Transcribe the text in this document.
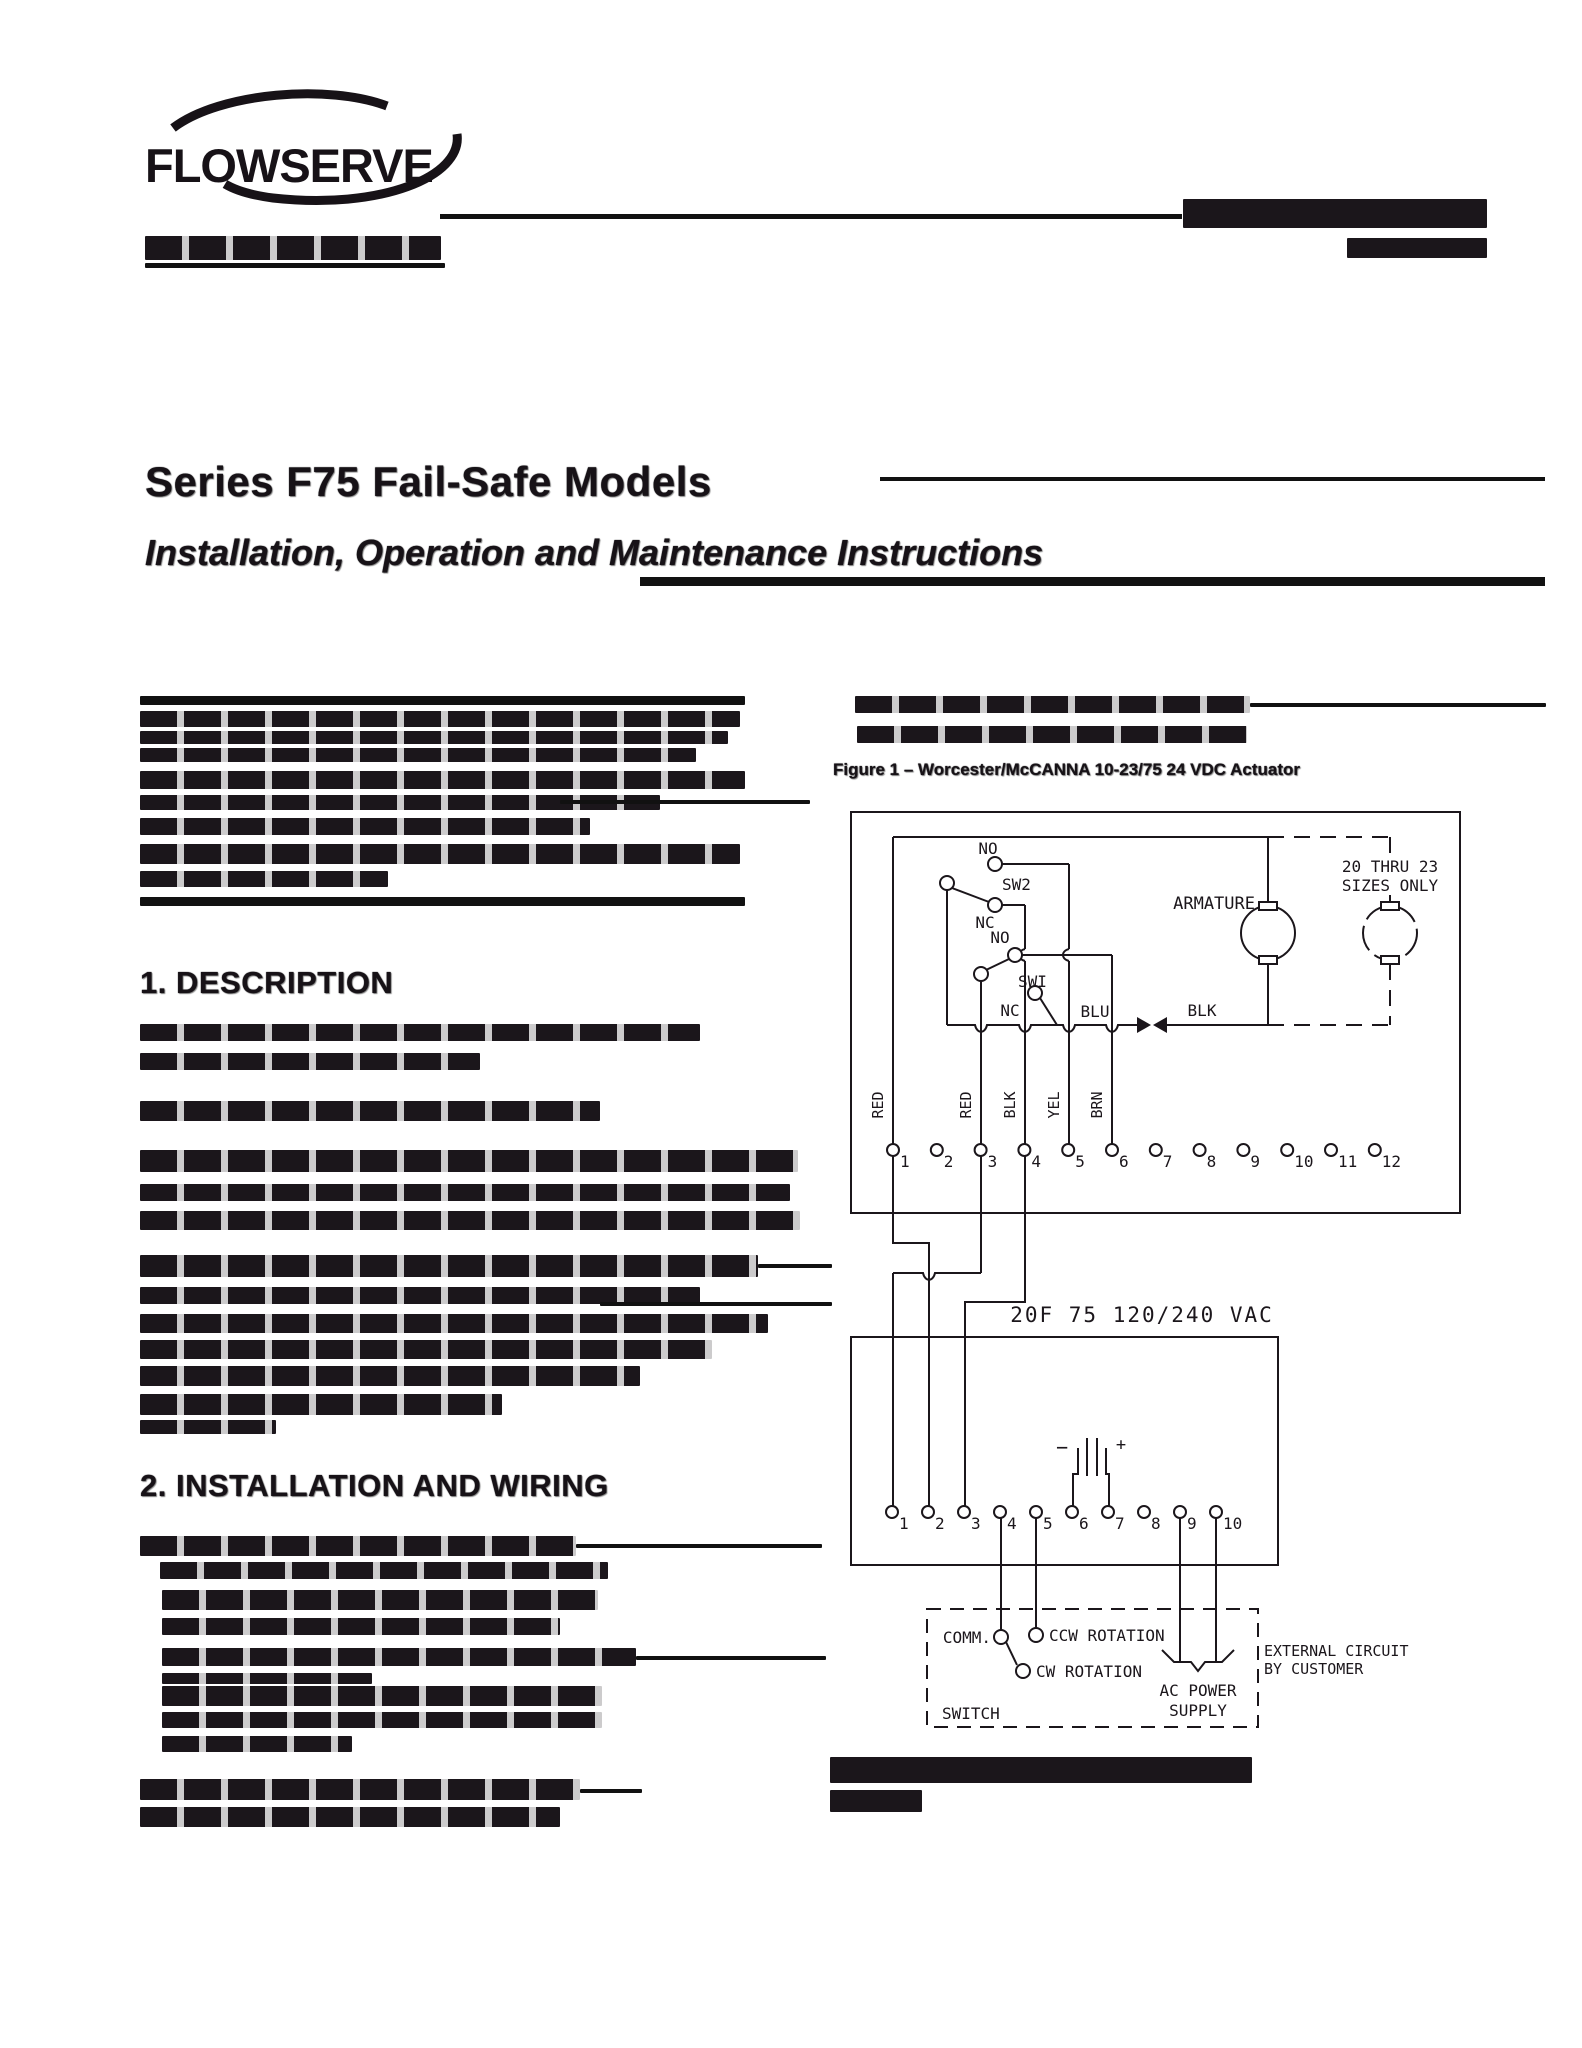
FLOWSERVE
Series F75 Fail-Safe Models
Installation, Operation and Maintenance Instructions
1. DESCRIPTION
2. INSTALLATION AND WIRING
Figure 1 – Worcester/McCANNA 10-23/75 24 VDC Actuator
NO
SW2
NC
NO
SWI
NC
ARMATURE
BLU	BLK
20 THRU 23
SIZES ONLY
RED	RED BLK YEL BRN
1 2 3 4 5 6 7 8 9 10 11 12
20F 75 120/240 VAC
−	+
1 2 3 4 5 6 7 8 9 10
COMM.	CCW ROTATION
CW ROTATION
SWITCH
AC POWER
SUPPLY
EXTERNAL CIRCUIT
BY CUSTOMER
